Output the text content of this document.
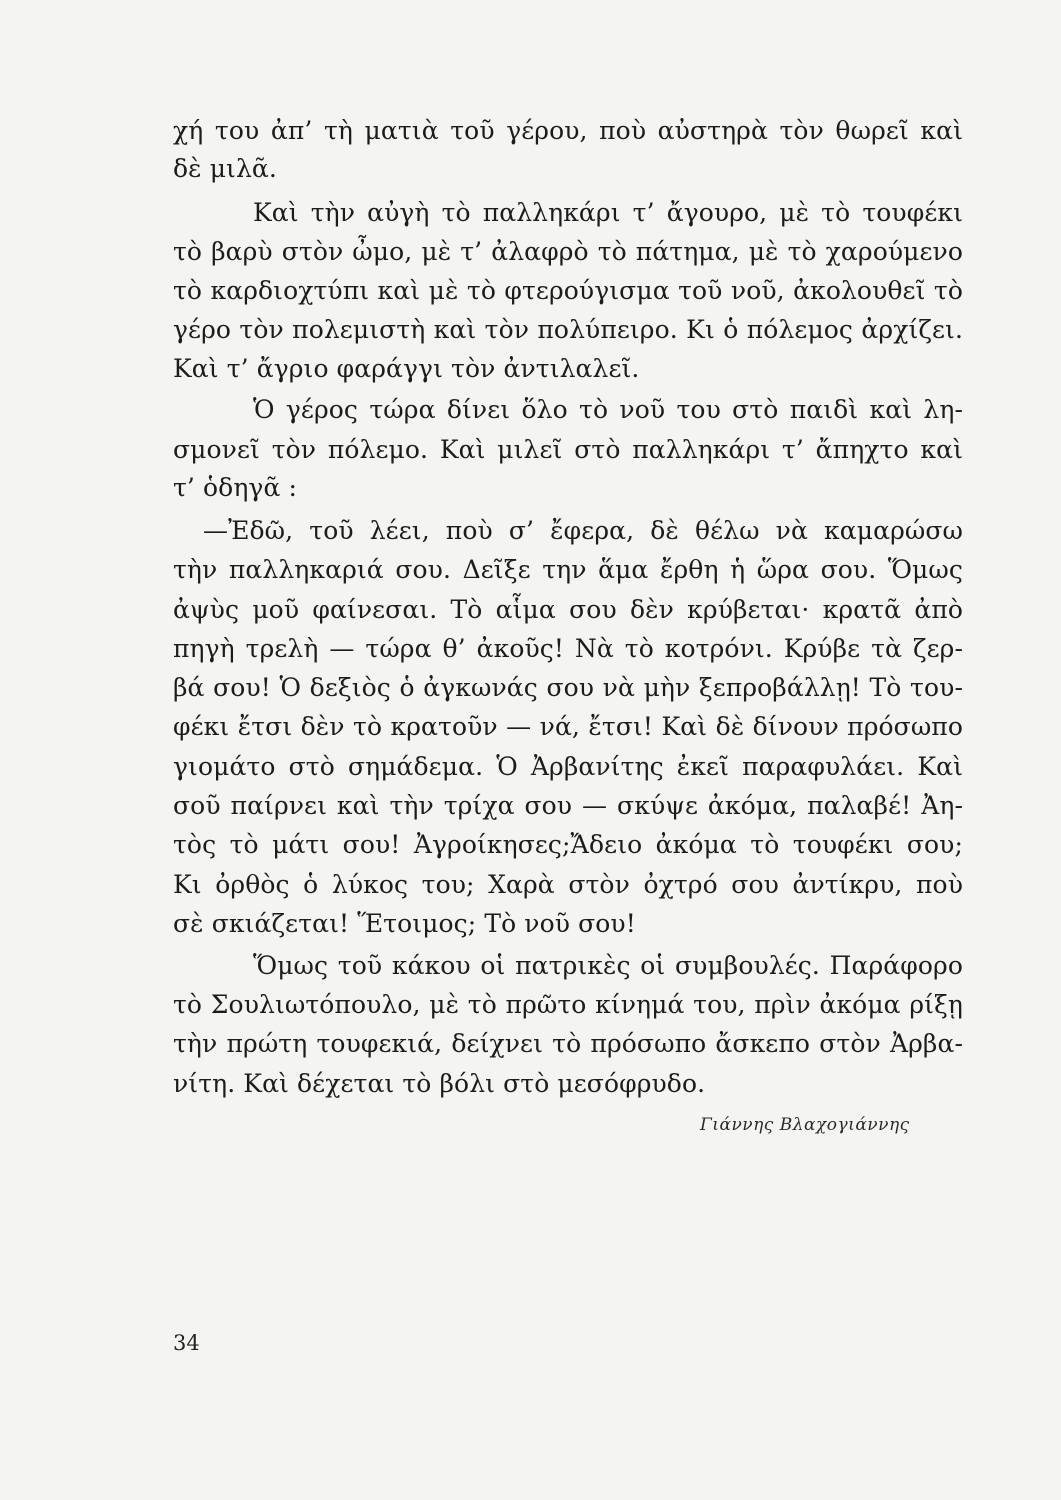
χή του ἀπ’ τὴ ματιὰ τοῦ γέρου, ποὺ αὐστηρὰ τὸν θωρεῖ καὶ
δὲ μιλᾶ.
Καὶ τὴν αὐγὴ τὸ παλληκάρι τ’ ἄγουρο, μὲ τὸ τουφέκι
τὸ βαρὺ στὸν ὦμο, μὲ τ’ ἀλαφρὸ τὸ πάτημα, μὲ τὸ χαρούμενο
τὸ καρδιοχτύπι καὶ μὲ τὸ φτερούγισμα τοῦ νοῦ, ἀκολουθεῖ τὸ
γέρο τὸν πολεμιστὴ καὶ τὸν πολύπειρο. Κι ὁ πόλεμος ἀρχίζει.
Καὶ τ’ ἄγριο φαράγγι τὸν ἀντιλαλεῖ.
Ὁ γέρος τώρα δίνει ὅλο τὸ νοῦ του στὸ παιδὶ καὶ λη-
σμονεῖ τὸν πόλεμο. Καὶ μιλεῖ στὸ παλληκάρι τ’ ἄπηχτο καὶ
τ’ ὁδηγᾶ :
—Ἐδῶ, τοῦ λέει, ποὺ σ’ ἔφερα, δὲ θέλω νὰ καμαρώσω
τὴν παλληκαριά σου. Δεῖξε την ἅμα ἔρθη ἡ ὥρα σου. Ὅμως
ἀψὺς μοῦ φαίνεσαι. Τὸ αἷμα σου δὲν κρύβεται· κρατᾶ ἀπὸ
πηγὴ τρελὴ — τώρα θ’ ἀκοῦς! Νὰ τὸ κοτρόνι. Κρύβε τὰ ζερ-
βά σου! Ὁ δεξιὸς ὁ ἀγκωνάς σου νὰ μὴν ξεπροβάλλῃ! Τὸ του-
φέκι ἔτσι δὲν τὸ κρατοῦν — νά, ἔτσι! Καὶ δὲ δίνουν πρόσωπο
γιομάτο στὸ σημάδεμα. Ὁ Ἀρβανίτης ἐκεῖ παραφυλάει. Καὶ
σοῦ παίρνει καὶ τὴν τρίχα σου — σκύψε ἀκόμα, παλαβέ! Ἀη-
τὸς τὸ μάτι σου! Ἀγροίκησες;Ἄδειο ἀκόμα τὸ τουφέκι σου;
Κι ὀρθὸς ὁ λύκος του; Χαρὰ στὸν ὀχτρό σου ἀντίκρυ, ποὺ
σὲ σκιάζεται! Ἕτοιμος; Τὸ νοῦ σου!
Ὅμως τοῦ κάκου οἱ πατρικὲς οἱ συμβουλές. Παράφορο
τὸ Σουλιωτόπουλο, μὲ τὸ πρῶτο κίνημά του, πρὶν ἀκόμα ρίξῃ
τὴν πρώτη τουφεκιά, δείχνει τὸ πρόσωπο ἄσκεπο στὸν Ἀρβα-
νίτη. Καὶ δέχεται τὸ βόλι στὸ μεσόφρυδο.
Γιάννης Βλαχογιάννης
34
